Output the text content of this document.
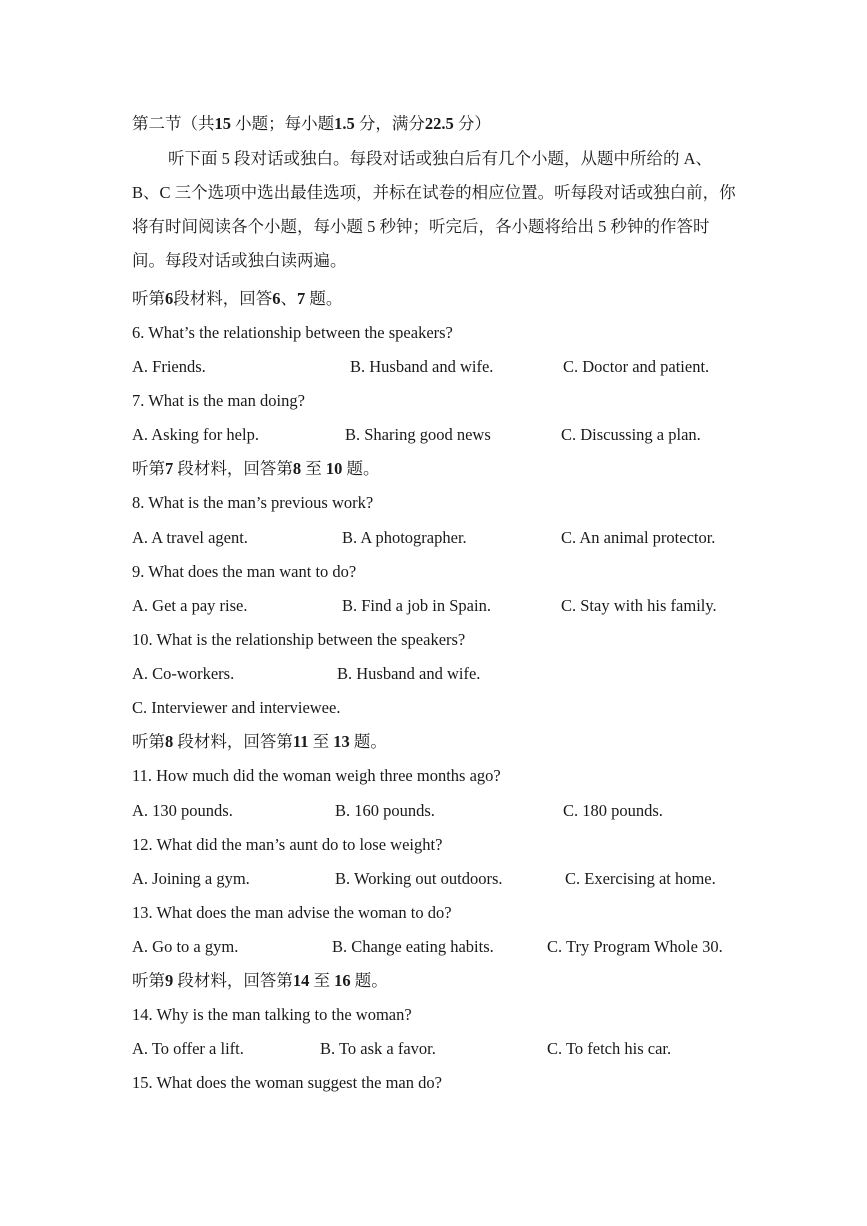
第二节（共15 小题；每小题1.5 分，满分22.5 分）
听下面 5 段对话或独白。每段对话或独白后有几个小题，从题中所给的 A、B、C 三个选项中选出最佳选项，并标在试卷的相应位置。听每段对话或独白前，你将有时间阅读各个小题，每小题 5 秒钟；听完后，各小题将给出 5 秒钟的作答时间。每段对话或独白读两遍。
听第6段材料，回答6、7 题。
6. What’s the relationship between the speakers?
A. Friends.	B. Husband and wife.	C. Doctor and patient.
7. What is the man doing?
A. Asking for help.	B. Sharing good news	C. Discussing a plan.
听第7 段材料，回答第8 至 10 题。
8. What is the man’s previous work?
A. A travel agent.	B. A photographer.	C. An animal protector.
9. What does the man want to do?
A. Get a pay rise.	B. Find a job in Spain.	C. Stay with his family.
10. What is the relationship between the speakers?
A. Co-workers.	B. Husband and wife.
C. Interviewer and interviewee.
听第8 段材料，回答第11 至 13 题。
11. How much did the woman weigh three months ago?
A. 130 pounds.	B. 160 pounds.	C. 180 pounds.
12. What did the man’s aunt do to lose weight?
A. Joining a gym.	B. Working out outdoors.	C. Exercising at home.
13. What does the man advise the woman to do?
A. Go to a gym.	B. Change eating habits.	C. Try Program Whole 30.
听第9 段材料，回答第14 至 16 题。
14. Why is the man talking to the woman?
A. To offer a lift.	B. To ask a favor.	C. To fetch his car.
15. What does the woman suggest the man do?
